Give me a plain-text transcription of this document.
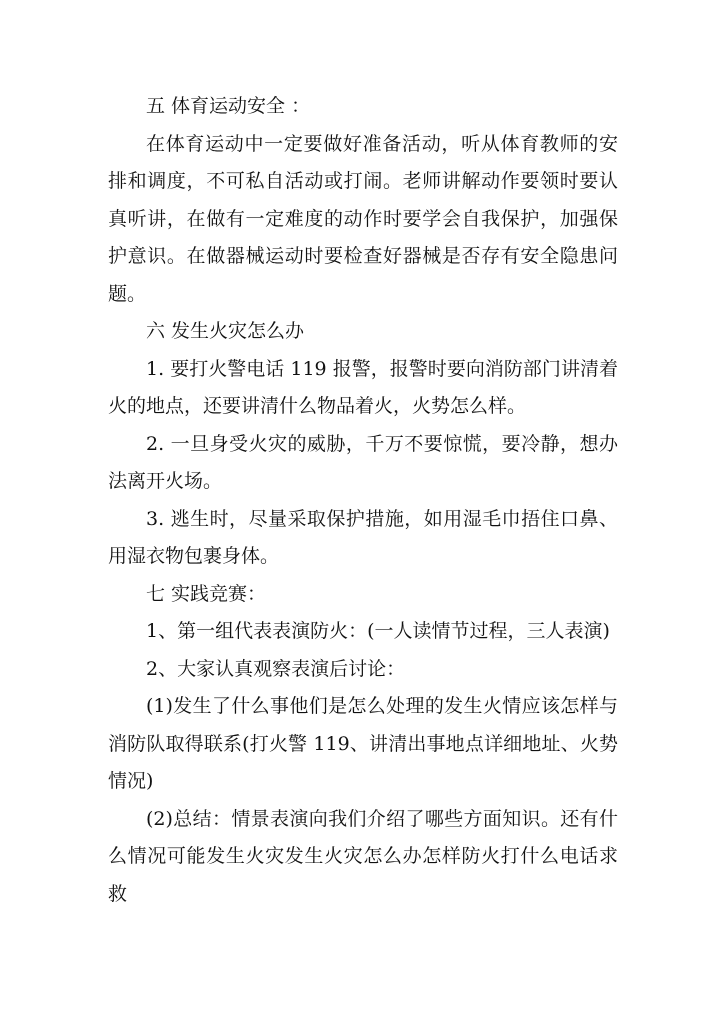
五 体育运动安全 ：

在体育运动中一定要做好准备活动，听从体育教师的安排和调度，不可私自活动或打闹。老师讲解动作要领时要认真听讲，在做有一定难度的动作时要学会自我保护，加强保护意识。在做器械运动时要检查好器械是否存有安全隐患问题。

六 发生火灾怎么办

1. 要打火警电话 119 报警，报警时要向消防部门讲清着火的地点，还要讲清什么物品着火，火势怎么样。

2. 一旦身受火灾的威胁，千万不要惊慌，要冷静，想办法离开火场。

3. 逃生时，尽量采取保护措施，如用湿毛巾捂住口鼻、用湿衣物包裹身体。

七 实践竞赛：

1、第一组代表表演防火：(一人读情节过程，三人表演)

2、大家认真观察表演后讨论：

(1)发生了什么事他们是怎么处理的发生火情应该怎样与消防队取得联系(打火警 119、讲清出事地点详细地址、火势情况)

(2)总结：情景表演向我们介绍了哪些方面知识。还有什么情况可能发生火灾发生火灾怎么办怎样防火打什么电话求救
